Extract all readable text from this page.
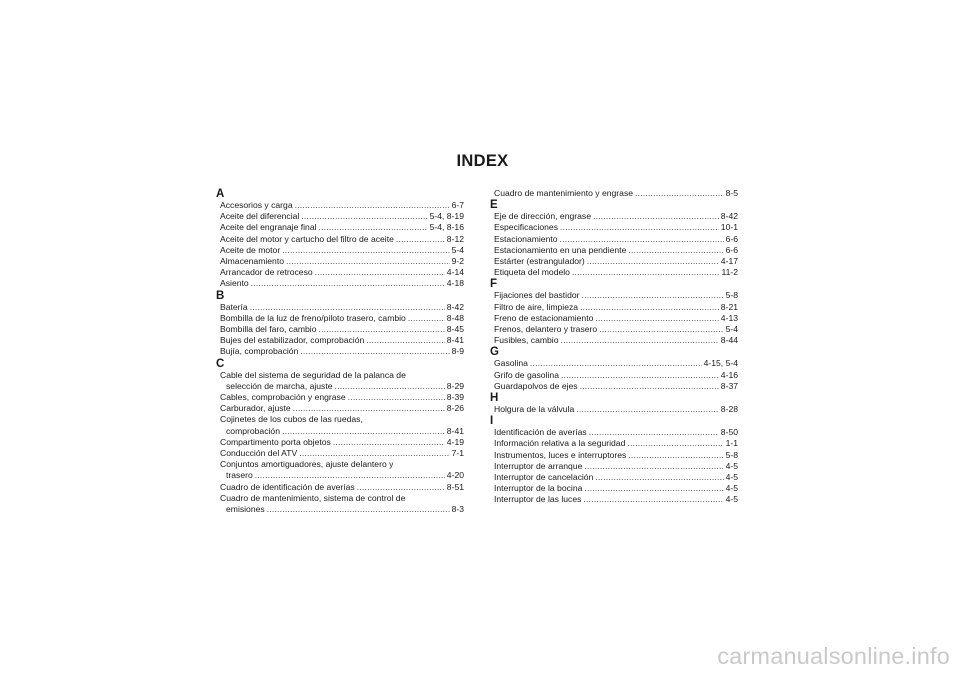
INDEX
A
Accesorios y carga .....	6-7
Aceite del diferencial .....	5-4, 8-19
Aceite del engranaje final .....	5-4, 8-16
Aceite del motor y cartucho del filtro de aceite .....	8-12
Aceite de motor .....	5-4
Almacenamiento .....	9-2
Arrancador de retroceso .....	4-14
Asiento .....	4-18
B
Batería .....	8-42
Bombilla de la luz de freno/piloto trasero, cambio .....	8-48
Bombilla del faro, cambio .....	8-45
Bujes del estabilizador, comprobación .....	8-41
Bujía, comprobación .....	8-9
C
Cable del sistema de seguridad de la palanca de
selección de marcha, ajuste .....	8-29
Cables, comprobación y engrase .....	8-39
Carburador, ajuste .....	8-26
Cojinetes de los cubos de las ruedas,
comprobación .....	8-41
Compartimento porta objetos .....	4-19
Conducción del ATV .....	7-1
Conjuntos amortiguadores, ajuste delantero y
trasero .....	4-20
Cuadro de identificación de averías .....	8-51
Cuadro de mantenimiento, sistema de control de
emisiones .....	8-3
Cuadro de mantenimiento y engrase .....	8-5
E
Eje de dirección, engrase .....	8-42
Especificaciones .....	10-1
Estacionamiento .....	6-6
Estacionamiento en una pendiente .....	6-6
Estárter (estrangulador) .....	4-17
Etiqueta del modelo .....	11-2
F
Fijaciones del bastidor .....	5-8
Filtro de aire, limpieza .....	8-21
Freno de estacionamiento .....	4-13
Frenos, delantero y trasero .....	5-4
Fusibles, cambio .....	8-44
G
Gasolina .....	4-15, 5-4
Grifo de gasolina .....	4-16
Guardapolvos de ejes .....	8-37
H
Holgura de la válvula .....	8-28
I
Identificación de averías .....	8-50
Información relativa a la seguridad .....	1-1
Instrumentos, luces e interruptores .....	5-8
Interruptor de arranque .....	4-5
Interruptor de cancelación .....	4-5
Interruptor de la bocina .....	4-5
Interruptor de las luces .....	4-5
carmanualsonline.info
